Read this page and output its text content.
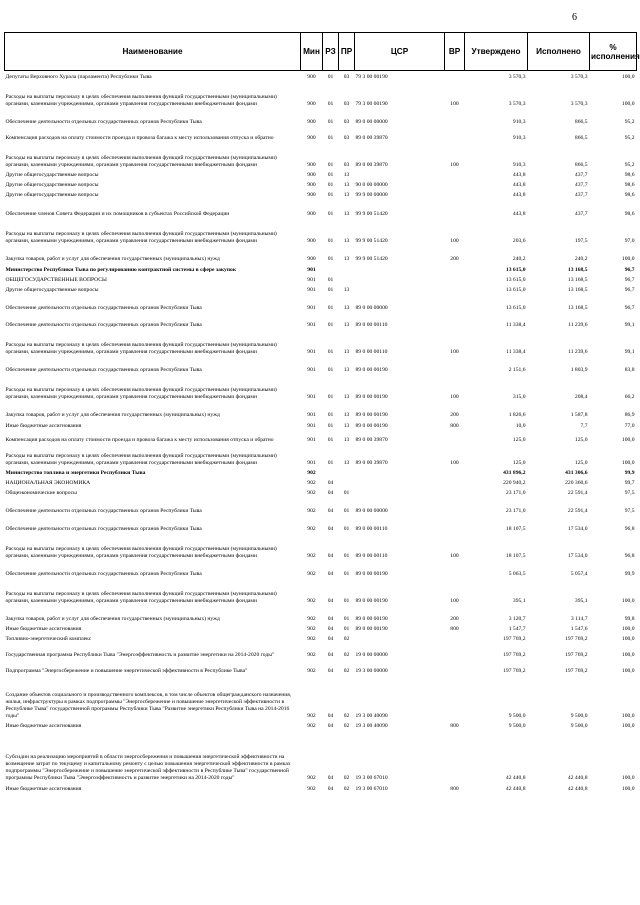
6
Наименование	Мин	РЗ	ПР	ЦСР	ВР	Утверждено	Исполнено	% исполнения
Депутаты Верховного Хурала (парламента) Республики Тыва	900	01	03	79 3 00 00190		3 570,3	3 570,3	100,0
Расходы на выплаты персоналу в целях обеспечения выполнения функций государственными (муниципальными) органами, казенными учреждениями, органами управления государственными внебюджетными фондами	900	01	03	79 3 00 00190	100	3 570,3	3 570,3	100,0
Обеспечение деятельности отдельных государственных органов Республики Тыва	900	01	03	89 0 00 00000		910,3	866,5	95,2
Компенсация расходов на оплату стоимости проезда и провоза багажа к месту использования отпуска и обратно	900	01	03	89 0 00 39870		910,3	866,5	95,2
Расходы на выплаты персоналу в целях обеспечения выполнения функций государственными (муниципальными) органами, казенными учреждениями, органами управления государственными внебюджетными фондами	900	01	03	89 0 00 39870	100	910,3	866,5	95,2
Другие общегосударственные вопросы	900	01	13			443,8	437,7	98,6
Другие общегосударственные вопросы	900	01	13	90 0 00 00000		443,8	437,7	98,6
Другие общегосударственные вопросы	900	01	13	99 9 00 00000		443,8	437,7	98,6
Обеспечение членов Совета Федерации и их помощников в субъектах Российской Федерации	900	01	13	99 9 00 51420		443,8	437,7	98,6
Расходы на выплаты персоналу в целях обеспечения выполнения функций государственными (муниципальными) органами, казенными учреждениями, органами управления государственными внебюджетными фондами	900	01	13	99 9 00 51420	100	203,6	197,5	97,0
Закупка товаров, работ и услуг для обеспечения государственных (муниципальных) нужд	900	01	13	99 9 00 51420	200	240,2	240,2	100,0
Министерство Республики Тыва по регулированию контрактной системы в сфере закупок	901					13 615,0	13 168,5	96,7
ОБЩЕГОСУДАРСТВЕННЫЕ ВОПРОСЫ	901	01				13 615,0	13 168,5	96,7
Другие общегосударственные вопросы	901	01	13			13 615,0	13 168,5	96,7
Обеспечение деятельности отдельных государственных органов Республики Тыва	901	01	13	89 0 00 00000		13 615,0	13 168,5	96,7
Обеспечение деятельности отдельных государственных органов Республики Тыва	901	01	13	89 0 00 00110		11 338,4	11 239,6	99,1
Расходы на выплаты персоналу в целях обеспечения выполнения функций государственными (муниципальными) органами, казенными учреждениями, органами управления государственными внебюджетными фондами	901	01	13	89 0 00 00110	100	11 338,4	11 239,6	99,1
Обеспечение деятельности отдельных государственных органов Республики Тыва	901	01	13	89 0 00 00190		2 151,6	1 803,9	83,8
Расходы на выплаты персоналу в целях обеспечения выполнения функций государственными (муниципальными) органами, казенными учреждениями, органами управления государственными внебюджетными фондами	901	01	13	89 0 00 00190	100	315,0	208,4	66,2
Закупка товаров, работ и услуг для обеспечения государственных (муниципальных) нужд	901	01	13	89 0 00 00190	200	1 826,6	1 587,8	86,9
Иные бюджетные ассигнования	901	01	13	89 0 00 00190	800	10,0	7,7	77,0
Компенсация расходов на оплату стоимости проезда и провоза багажа к месту использования отпуска и обратно	901	01	13	89 0 00 39870		125,0	125,0	100,0
Расходы на выплаты персоналу в целях обеспечения выполнения функций государственными (муниципальными) органами, казенными учреждениями, органами управления государственными внебюджетными фондами	901	01	13	89 0 00 39870	100	125,0	125,0	100,0
Министерство топлива и энергетики Республики Тыва	902					431 896,2	431 306,6	99,9
НАЦИОНАЛЬНАЯ ЭКОНОМИКА	902	04				220 940,2	220 360,6	99,7
Общеэкономические вопросы	902	04	01			23 171,0	22 591,4	97,5
Обеспечение деятельности отдельных государственных органов Республики Тыва	902	04	01	89 0 00 00000		23 171,0	22 591,4	97,5
Обеспечение деятельности отдельных государственных органов Республики Тыва	902	04	01	89 0 00 00110		18 107,5	17 534,0	96,8
Расходы на выплаты персоналу в целях обеспечения выполнения функций государственными (муниципальными) органами, казенными учреждениями, органами управления государственными внебюджетными фондами	902	04	01	89 0 00 00110	100	18 107,5	17 534,0	96,8
Обеспечение деятельности отдельных государственных органов Республики Тыва	902	04	01	89 0 00 00190		5 063,5	5 057,4	99,9
Расходы на выплаты персоналу в целях обеспечения выполнения функций государственными (муниципальными) органами, казенными учреждениями, органами управления государственными внебюджетными фондами	902	04	01	89 0 00 00190	100	395,1	395,1	100,0
Закупка товаров, работ и услуг для обеспечения государственных (муниципальных) нужд	902	04	01	89 0 00 00190	200	3 120,7	3 114,7	99,8
Иные бюджетные ассигнования	902	04	01	89 0 00 00190	800	1 547,7	1 547,6	100,0
Топливно-энергетический комплекс	902	04	02			197 769,2	197 769,2	100,0
Государственная программа Республики Тыва "Энергоэффективность и развитие энергетики на 2014-2020 годы"	902	04	02	19 0 00 00000		197 769,2	197 769,2	100,0
Подпрограмма "Энергосбережение и повышение энергетической эффективности в Республике Тыва"	902	04	02	19 3 00 00000		197 769,2	197 769,2	100,0
Создание объектов социального и производственного комплексов, в том числе объектов общегражданского назначения, жилья, инфраструктуры в рамках подпрограммы "Энергосбережение и повышение энергетической эффективности в Республике Тыва" государственной программы Республики Тыва "Развитие энергетики Республики Тыва на 2014-2016 годы"	902	04	02	19 3 00 40090		9 500,0	9 500,0	100,0
Иные бюджетные ассигнования	902	04	02	19 3 00 40090	800	9 500,0	9 500,0	100,0
Субсидии на реализацию мероприятий в области энергосбережения и повышения энергетической эффективности на возмещение затрат по текущему и капитальному ремонту с целью повышения энергетической эффективности в рамках подпрограммы "Энергосбережение и повышение энергетической эффективности в Республике Тыва" государственной программы Республики Тыва "Энергоэффективность и развитие энергетики на 2014-2020 годы"	902	04	02	19 3 00 67010		42 440,8	42 440,8	100,0
Иные бюджетные ассигнования	902	04	02	19 3 00 67010	800	42 440,8	42 440,8	100,0
